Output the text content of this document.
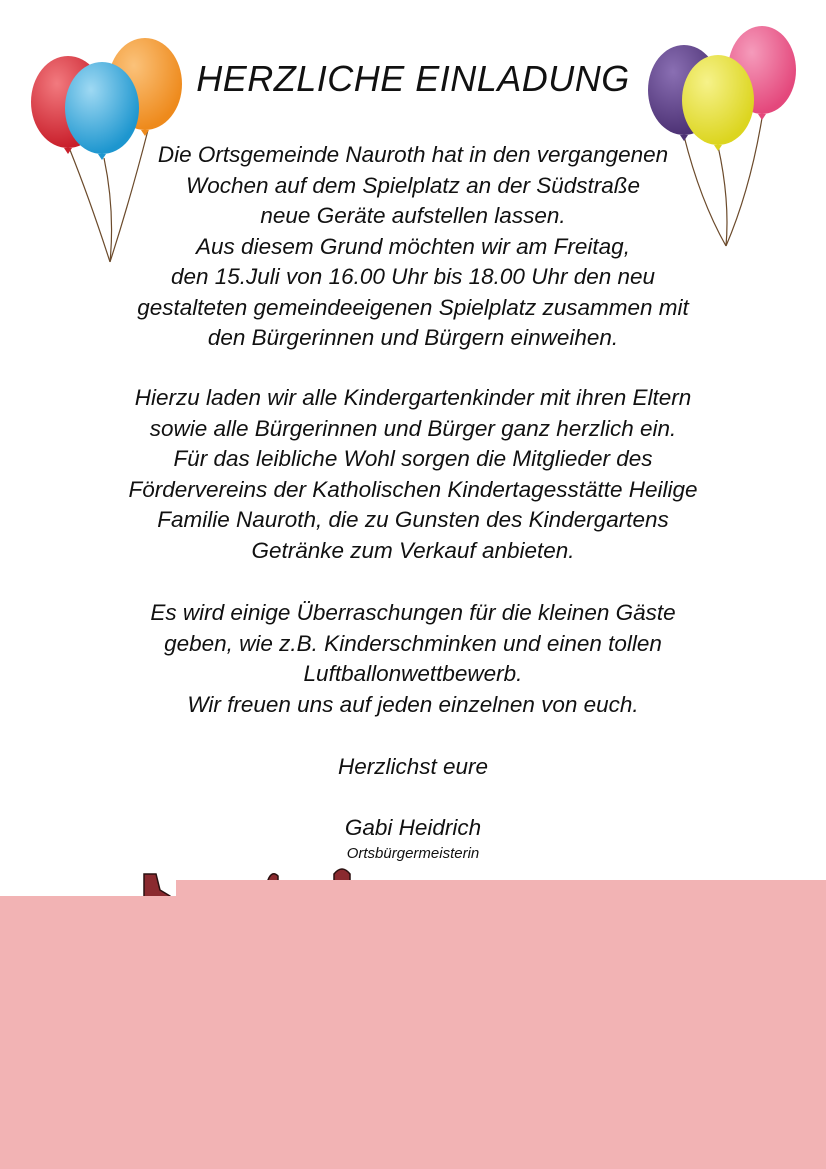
HERZLICHE EINLADUNG
Die Ortsgemeinde Nauroth hat in den vergangenen
Wochen auf dem Spielplatz an der Südstraße
neue Geräte aufstellen lassen.
Aus diesem Grund möchten wir am Freitag,
den 15.Juli von 16.00 Uhr bis 18.00 Uhr den neu
gestalteten gemeindeeigenen Spielplatz zusammen mit
den Bürgerinnen und Bürgern einweihen.
Hierzu laden wir alle Kindergartenkinder mit ihren Eltern
sowie alle Bürgerinnen und Bürger ganz herzlich ein.
Für das leibliche Wohl sorgen die Mitglieder des
Fördervereins der Katholischen Kindertagesstätte Heilige
Familie Nauroth, die zu Gunsten des Kindergartens
Getränke zum Verkauf anbieten.
Es wird einige Überraschungen für die kleinen Gäste
geben, wie z.B. Kinderschminken und einen tollen
Luftballonwettbewerb.
Wir freuen uns auf jeden einzelnen von euch.
Herzlichst eure
Gabi Heidrich
Ortsbürgermeisterin
